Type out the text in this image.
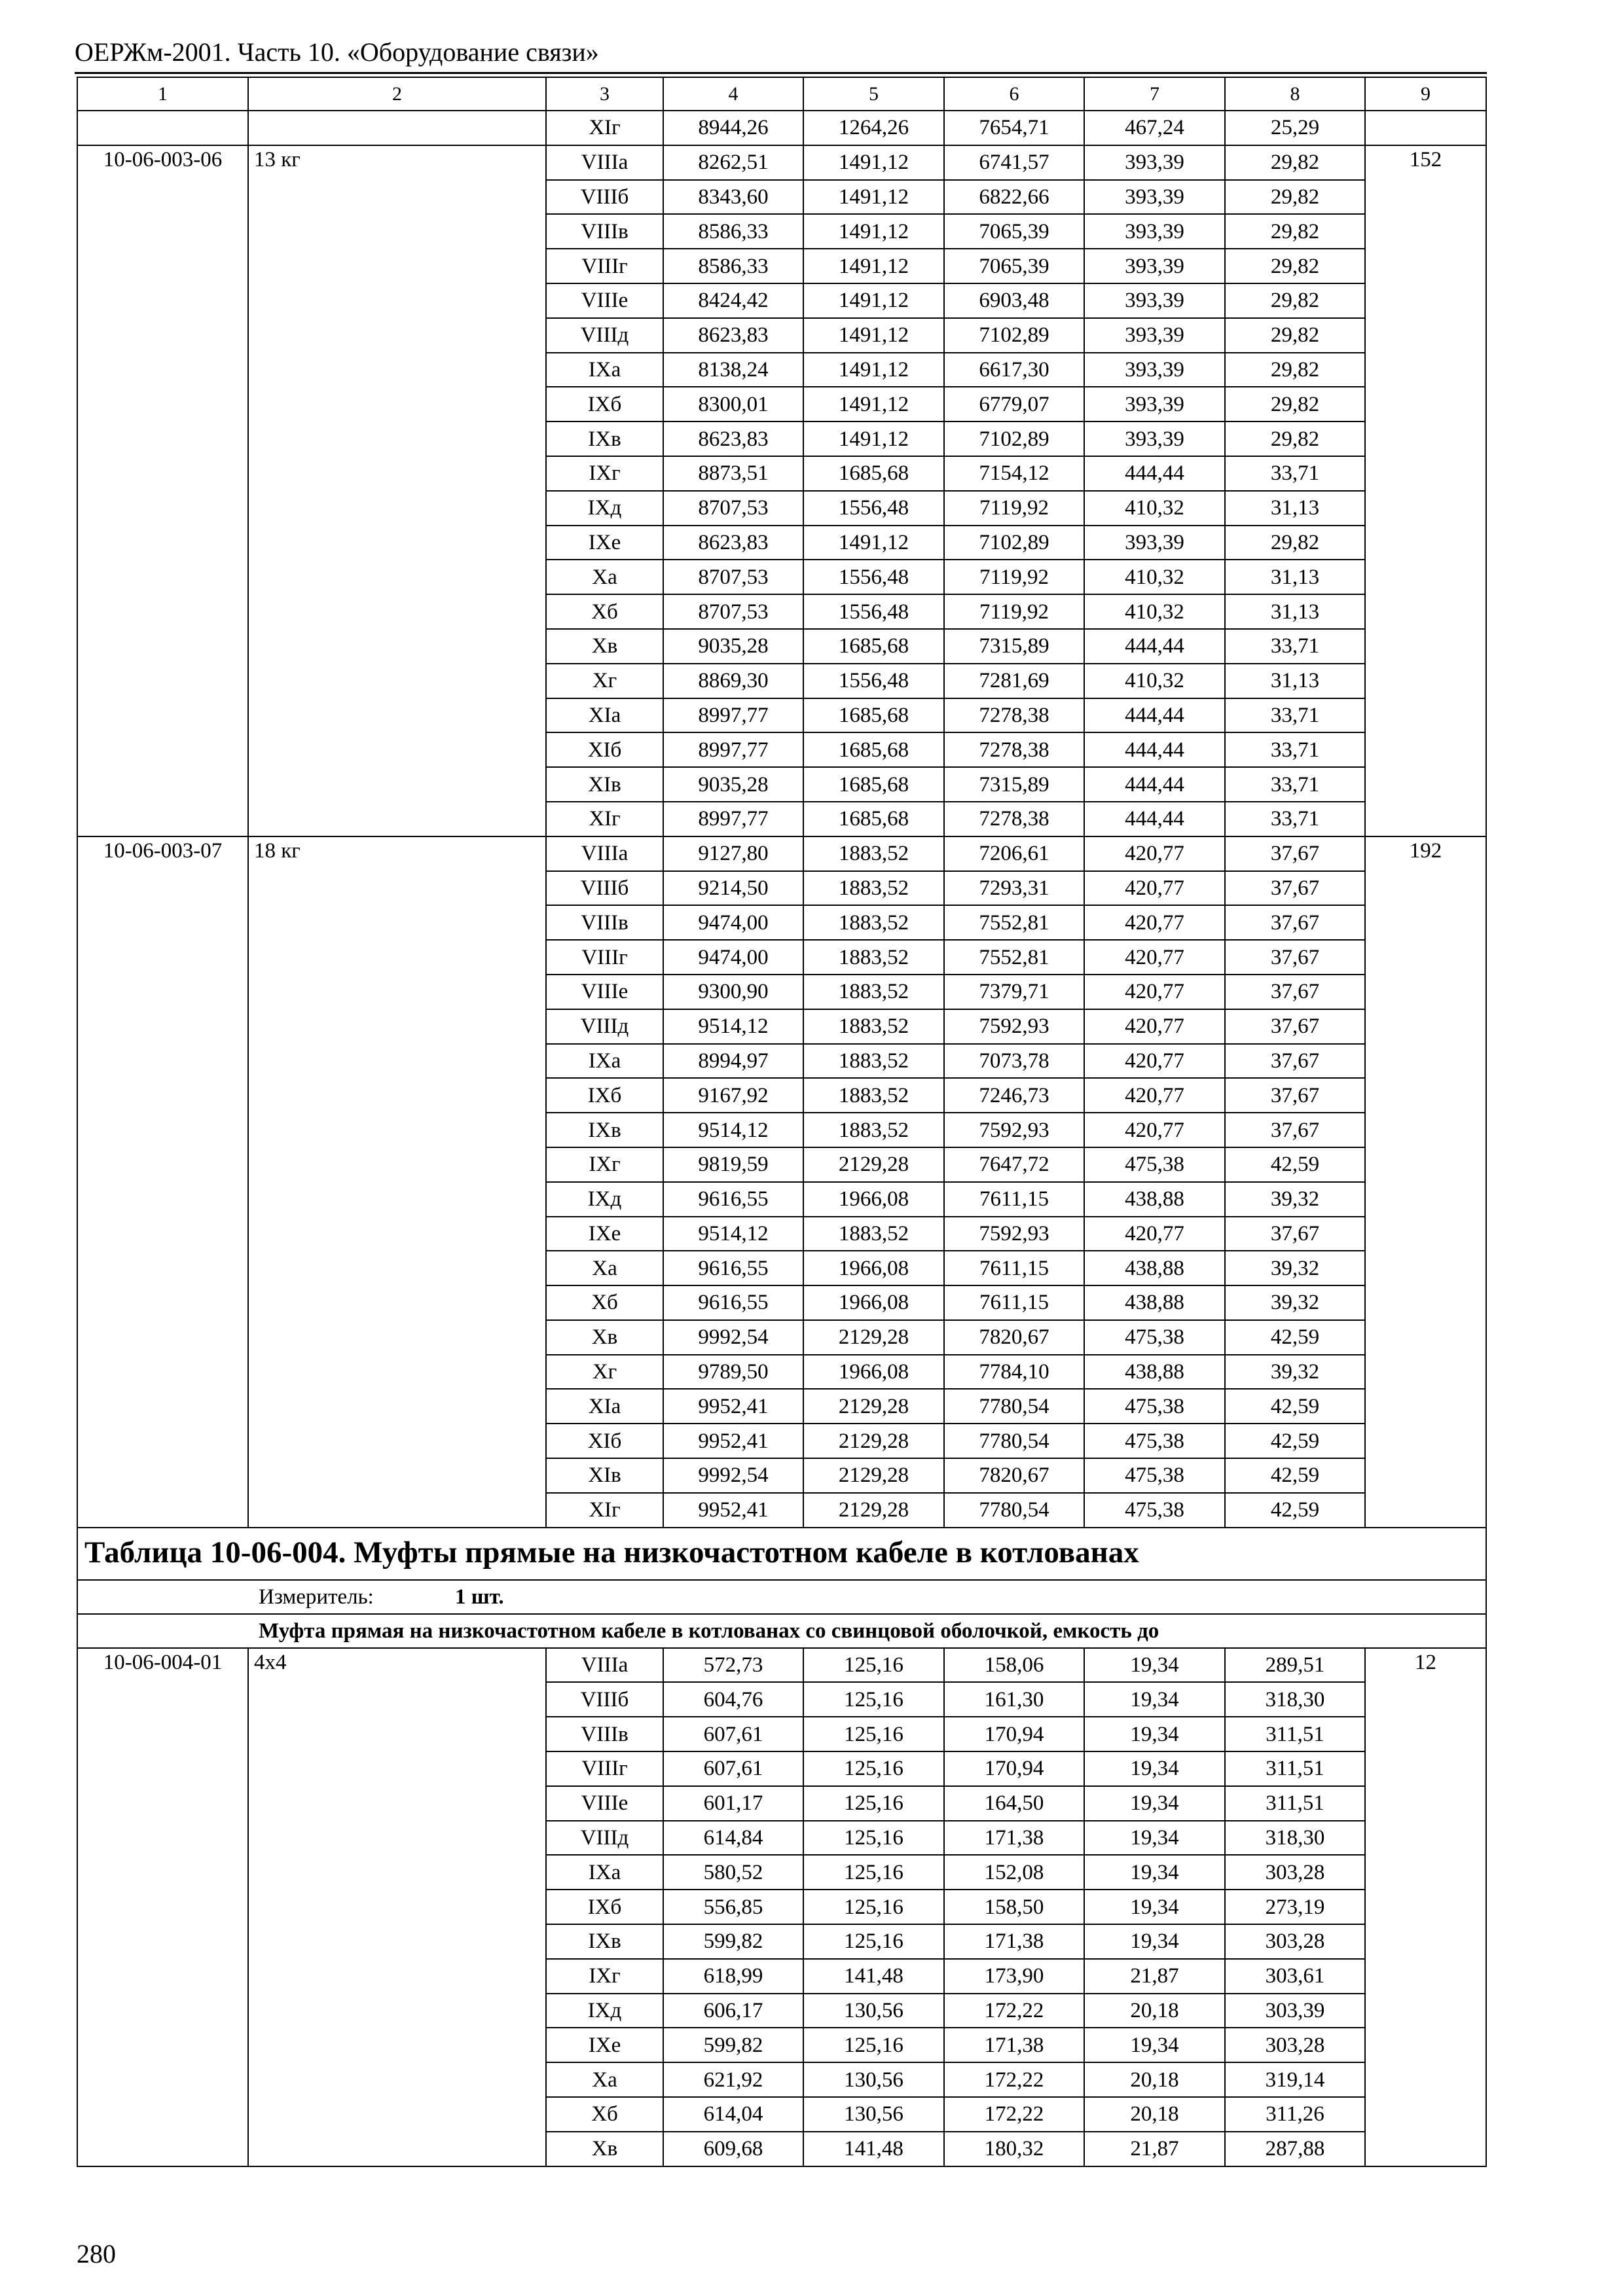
ОЕРЖм-2001. Часть 10. «Оборудование связи»
1	2	3	4	5	6	7	8	9
		XIг	8944,26	1264,26	7654,71	467,24	25,29	
10-06-003-06	13 кг	VIIIа	8262,51	1491,12	6741,57	393,39	29,82	152
		VIIIб	8343,60	1491,12	6822,66	393,39	29,82	
		VIIIв	8586,33	1491,12	7065,39	393,39	29,82	
		VIIIг	8586,33	1491,12	7065,39	393,39	29,82	
		VIIIе	8424,42	1491,12	6903,48	393,39	29,82	
		VIIIд	8623,83	1491,12	7102,89	393,39	29,82	
		IXа	8138,24	1491,12	6617,30	393,39	29,82	
		IXб	8300,01	1491,12	6779,07	393,39	29,82	
		IXв	8623,83	1491,12	7102,89	393,39	29,82	
		IXг	8873,51	1685,68	7154,12	444,44	33,71	
		IXд	8707,53	1556,48	7119,92	410,32	31,13	
		IXе	8623,83	1491,12	7102,89	393,39	29,82	
		Xа	8707,53	1556,48	7119,92	410,32	31,13	
		Xб	8707,53	1556,48	7119,92	410,32	31,13	
		Xв	9035,28	1685,68	7315,89	444,44	33,71	
		Xг	8869,30	1556,48	7281,69	410,32	31,13	
		XIа	8997,77	1685,68	7278,38	444,44	33,71	
		XIб	8997,77	1685,68	7278,38	444,44	33,71	
		XIв	9035,28	1685,68	7315,89	444,44	33,71	
		XIг	8997,77	1685,68	7278,38	444,44	33,71	
10-06-003-07	18 кг	VIIIа	9127,80	1883,52	7206,61	420,77	37,67	192
		VIIIб	9214,50	1883,52	7293,31	420,77	37,67	
		VIIIв	9474,00	1883,52	7552,81	420,77	37,67	
		VIIIг	9474,00	1883,52	7552,81	420,77	37,67	
		VIIIе	9300,90	1883,52	7379,71	420,77	37,67	
		VIIIд	9514,12	1883,52	7592,93	420,77	37,67	
		IXа	8994,97	1883,52	7073,78	420,77	37,67	
		IXб	9167,92	1883,52	7246,73	420,77	37,67	
		IXв	9514,12	1883,52	7592,93	420,77	37,67	
		IXг	9819,59	2129,28	7647,72	475,38	42,59	
		IXд	9616,55	1966,08	7611,15	438,88	39,32	
		IXе	9514,12	1883,52	7592,93	420,77	37,67	
		Xа	9616,55	1966,08	7611,15	438,88	39,32	
		Xб	9616,55	1966,08	7611,15	438,88	39,32	
		Xв	9992,54	2129,28	7820,67	475,38	42,59	
		Xг	9789,50	1966,08	7784,10	438,88	39,32	
		XIа	9952,41	2129,28	7780,54	475,38	42,59	
		XIб	9952,41	2129,28	7780,54	475,38	42,59	
		XIв	9992,54	2129,28	7820,67	475,38	42,59	
		XIг	9952,41	2129,28	7780,54	475,38	42,59	
Таблица 10-06-004. Муфты прямые на низкочастотном кабеле в котлованах								
Измеритель: 1 шт.								
Муфта прямая на низкочастотном кабеле в котлованах со свинцовой оболочкой, емкость до								
10-06-004-01	4x4	VIIIа	572,73	125,16	158,06	19,34	289,51	12
		VIIIб	604,76	125,16	161,30	19,34	318,30	
		VIIIв	607,61	125,16	170,94	19,34	311,51	
		VIIIг	607,61	125,16	170,94	19,34	311,51	
		VIIIе	601,17	125,16	164,50	19,34	311,51	
		VIIIд	614,84	125,16	171,38	19,34	318,30	
		IXа	580,52	125,16	152,08	19,34	303,28	
		IXб	556,85	125,16	158,50	19,34	273,19	
		IXв	599,82	125,16	171,38	19,34	303,28	
		IXг	618,99	141,48	173,90	21,87	303,61	
		IXд	606,17	130,56	172,22	20,18	303,39	
		IXе	599,82	125,16	171,38	19,34	303,28	
		Xа	621,92	130,56	172,22	20,18	319,14	
		Xб	614,04	130,56	172,22	20,18	311,26	
		Xв	609,68	141,48	180,32	21,87	287,88	
280
